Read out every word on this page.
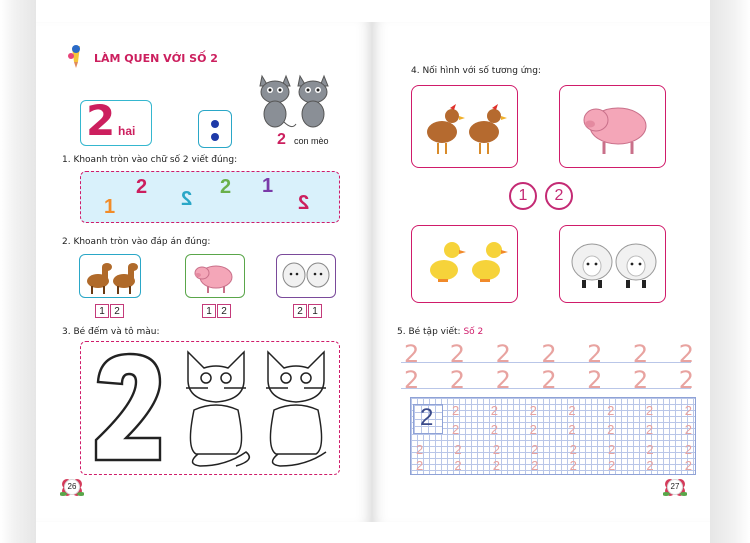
LÀM QUEN VỚI SỐ 2
2 hai	2 con mèo
1. Khoanh tròn vào chữ số 2 viết đúng:
1
2
2
2 1
2
2. Khoanh tròn vào đáp án đúng:
1 2	1 2	2 1
3. Bé đếm và tô màu:
26
4. Nối hình với số tương ứng:
1	2
5. Bé tập viết: Số 2
2 2 2 2 2 2 2
2 2 2 2 2 2 2
2 2 2 2 2 2 2 2
2 2 2 2 2 2 2
2 2 2 2 2 2 2 2
2 2 2 2 2 2 2 2
27
